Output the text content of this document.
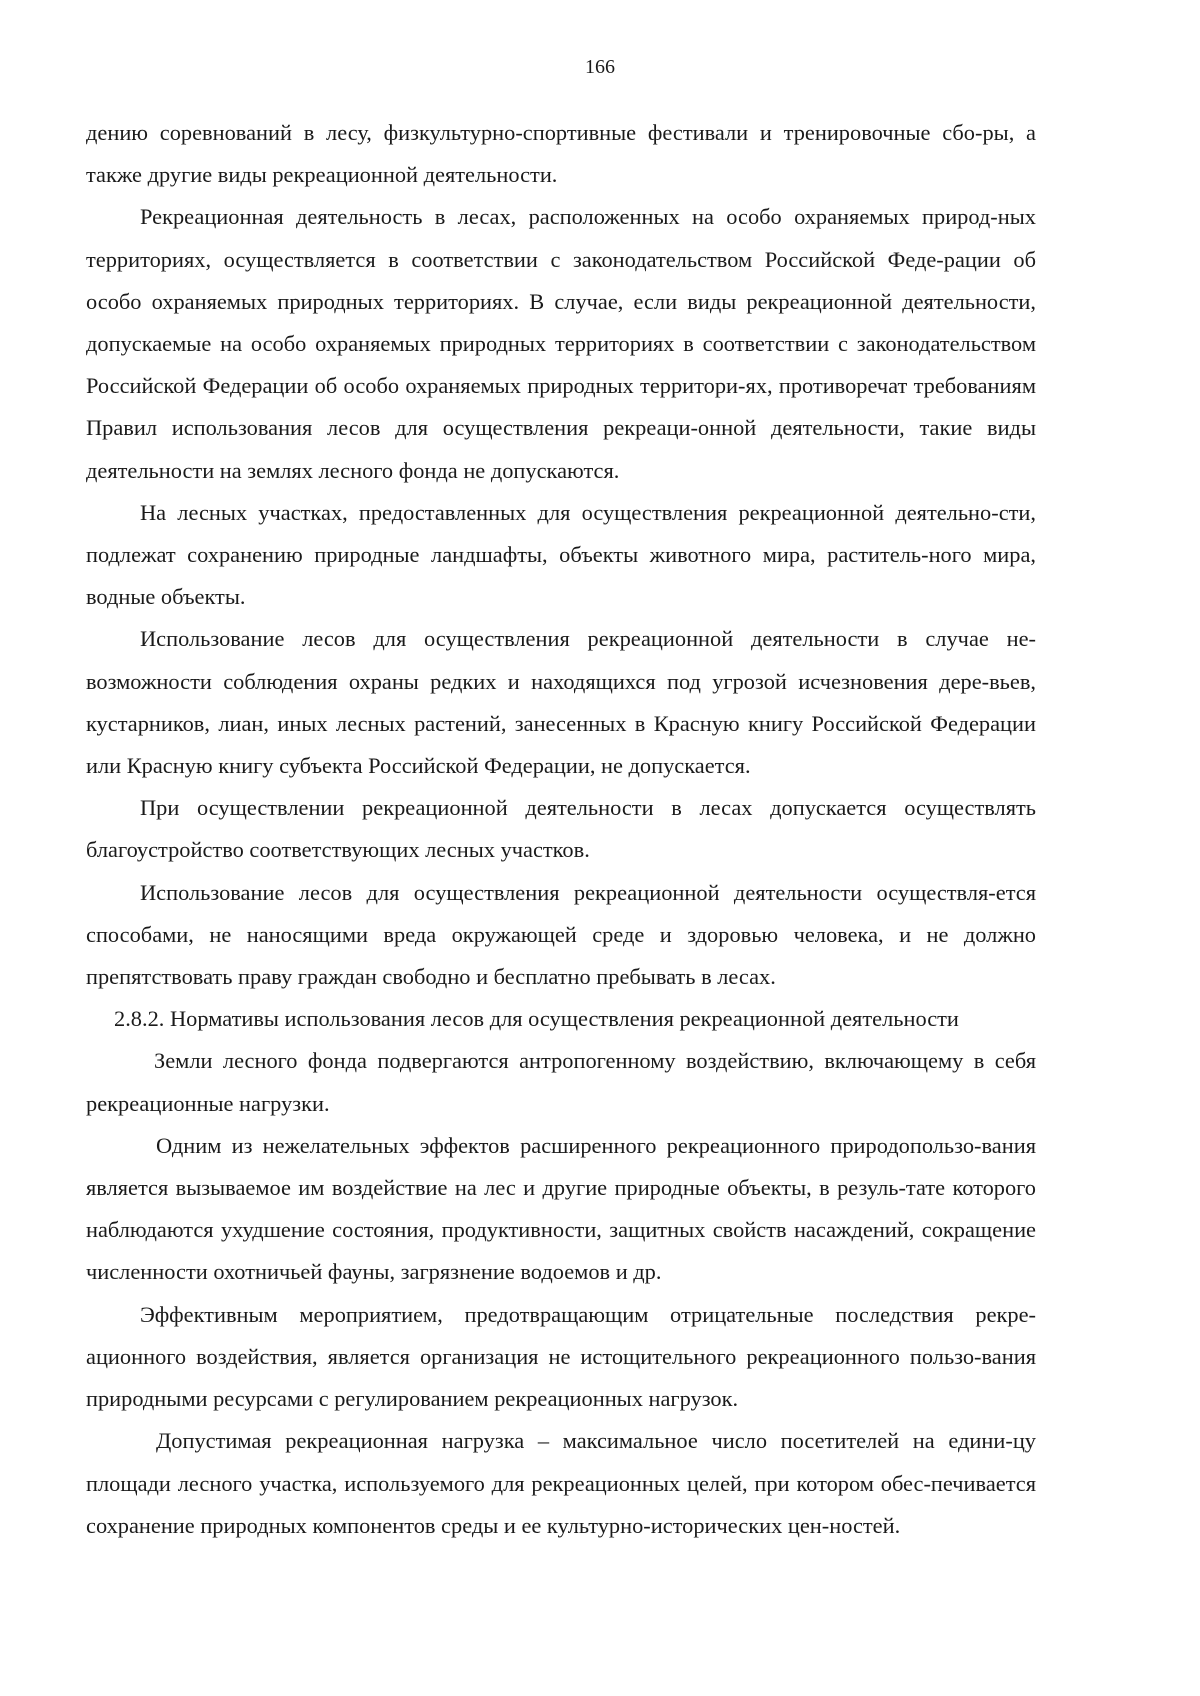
166

дению соревнований в лесу, физкультурно-спортивные фестивали и тренировочные сбо-ры, а также другие виды рекреационной деятельности.

Рекреационная деятельность в лесах, расположенных на особо охраняемых природ-ных территориях, осуществляется в соответствии с законодательством Российской Феде-рации об особо охраняемых природных территориях. В случае, если виды рекреационной деятельности, допускаемые на особо охраняемых природных территориях в соответствии с законодательством Российской Федерации об особо охраняемых природных территори-ях, противоречат требованиям Правил использования лесов для осуществления рекреаци-онной деятельности, такие виды деятельности на землях лесного фонда не допускаются.

На лесных участках, предоставленных для осуществления рекреационной деятельно-сти, подлежат сохранению природные ландшафты, объекты животного мира, раститель-ного мира, водные объекты.

Использование лесов для осуществления рекреационной деятельности в случае не-возможности соблюдения охраны редких и находящихся под угрозой исчезновения дере-вьев, кустарников, лиан, иных лесных растений, занесенных в Красную книгу Российской Федерации или Красную книгу субъекта Российской Федерации, не допускается.

При осуществлении рекреационной деятельности в лесах допускается осуществлять благоустройство соответствующих лесных участков.

Использование лесов для осуществления рекреационной деятельности осуществля-ется способами, не наносящими вреда окружающей среде и здоровью человека, и не должно препятствовать праву граждан свободно и бесплатно пребывать в лесах.

2.8.2. Нормативы использования лесов для осуществления рекреационной деятельности

Земли лесного фонда подвергаются антропогенному воздействию, включающему в себя рекреационные нагрузки.

Одним из нежелательных эффектов расширенного рекреационного природопользо-вания является вызываемое им воздействие на лес и другие природные объекты, в резуль-тате которого наблюдаются ухудшение состояния, продуктивности, защитных свойств насаждений, сокращение численности охотничьей фауны, загрязнение водоемов и др.

Эффективным мероприятием, предотвращающим отрицательные последствия рекре-ационного воздействия, является организация не истощительного рекреационного пользо-вания природными ресурсами с регулированием рекреационных нагрузок.

Допустимая рекреационная нагрузка – максимальное число посетителей на едини-цу площади лесного участка, используемого для рекреационных целей, при котором обес-печивается сохранение природных компонентов среды и ее культурно-исторических цен-ностей.
